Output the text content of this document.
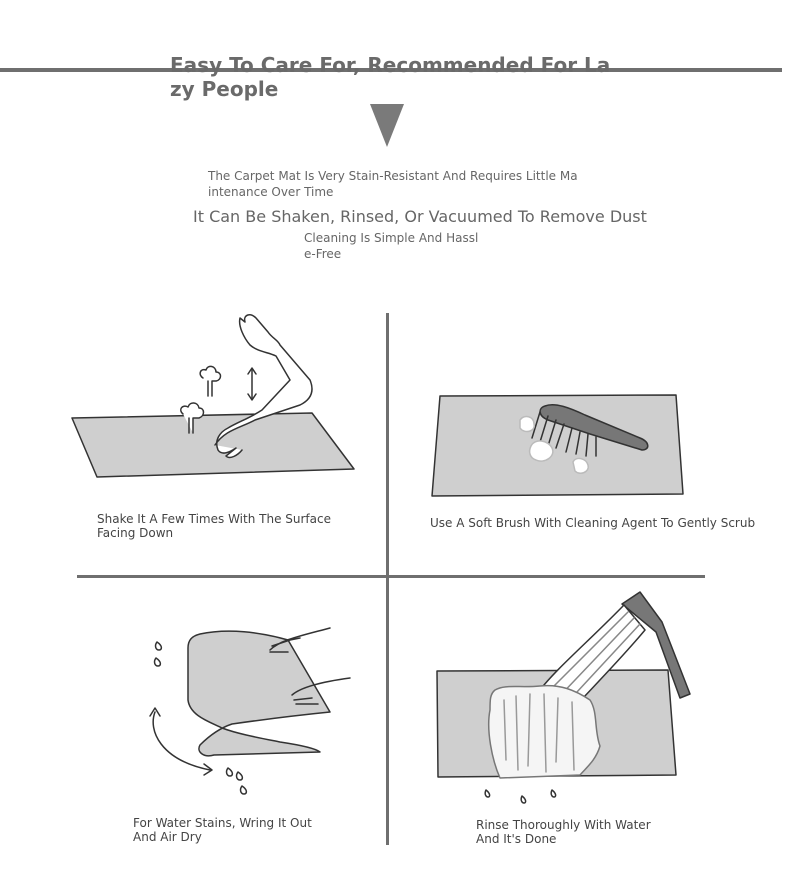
Easy To Care For, Recommended For Lazy People
The Carpet Mat Is Very Stain-Resistant And Requires Little Maintenance Over Time
It Can Be Shaken, Rinsed, Or Vacuumed To Remove Dust
Cleaning Is Simple And Hassle-Free
Shake It A Few Times With The Surface Facing Down
Use A Soft Brush With Cleaning Agent To Gently Scrub
For Water Stains, Wring It Out And Air Dry
Rinse Thoroughly With Water And It's Done
